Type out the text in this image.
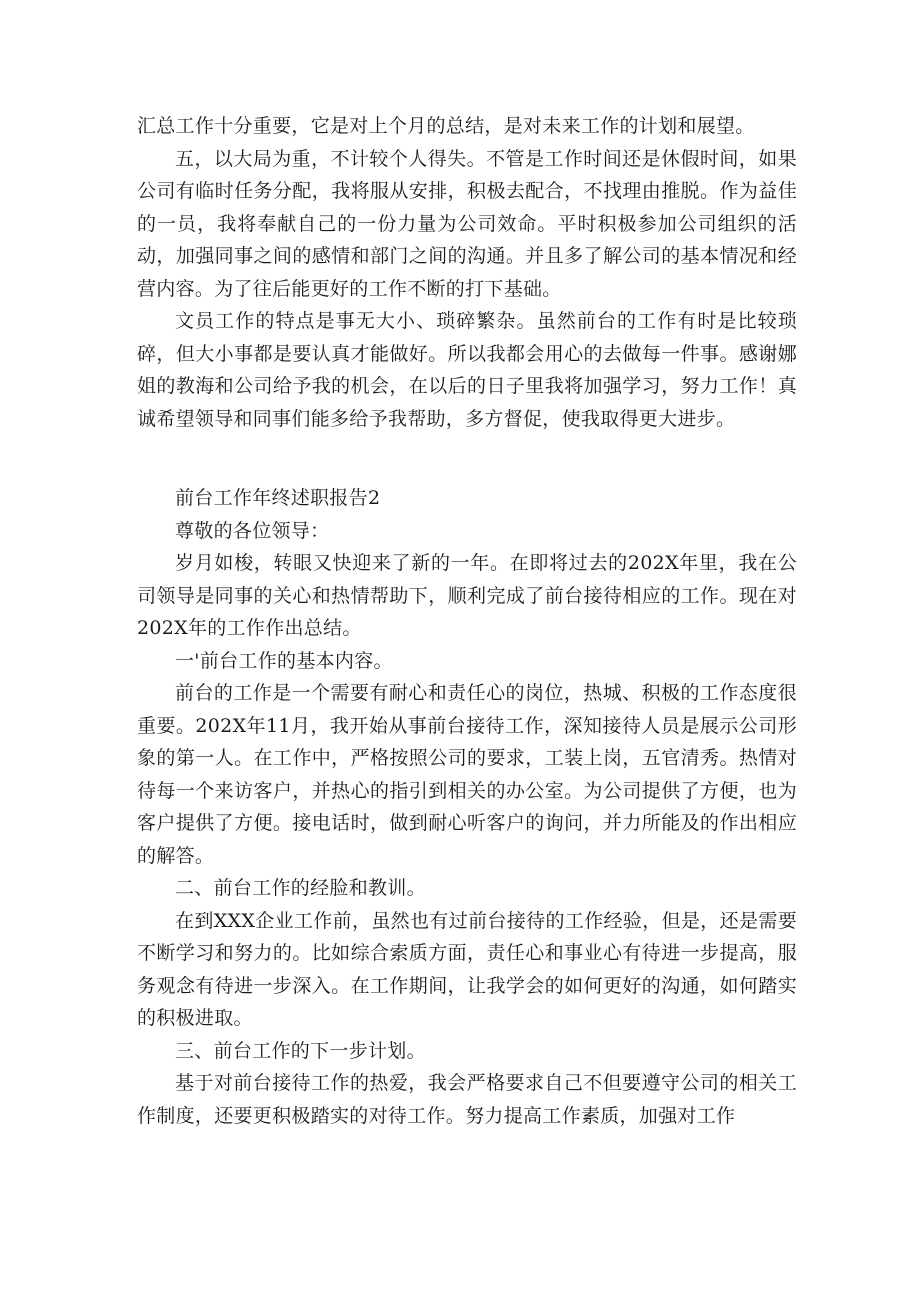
汇总工作十分重要，它是对上个月的总结，是对未来工作的计划和展望。

五，以大局为重，不计较个人得失。不管是工作时间还是休假时间，如果公司有临时任务分配，我将服从安排，积极去配合，不找理由推脱。作为益佳的一员，我将奉献自己的一份力量为公司效命。平时积极参加公司组织的活动，加强同事之间的感情和部门之间的沟通。并且多了解公司的基本情况和经营内容。为了往后能更好的工作不断的打下基础。

文员工作的特点是事无大小、琐碎繁杂。虽然前台的工作有时是比较琐碎，但大小事都是要认真才能做好。所以我都会用心的去做每一件事。感谢娜姐的教海和公司给予我的机会，在以后的日子里我将加强学习，努力工作！真诚希望领导和同事们能多给予我帮助，多方督促，使我取得更大进步。

前台工作年终述职报告2

尊敬的各位领导：

岁月如梭，转眼又快迎来了新的一年。在即将过去的202X年里，我在公司领导是同事的关心和热情帮助下，顺利完成了前台接待相应的工作。现在对202X年的工作作出总结。

一'前台工作的基本内容。

前台的工作是一个需要有耐心和责任心的岗位，热城、积极的工作态度很重要。202X年11月，我开始从事前台接待工作，深知接待人员是展示公司形象的第一人。在工作中，严格按照公司的要求，工装上岗，五官清秀。热情对待每一个来访客户，并热心的指引到相关的办公室。为公司提供了方便，也为客户提供了方便。接电话时，做到耐心听客户的询问，并力所能及的作出相应的解答。

二、前台工作的经脸和教训。

在到XXX企业工作前，虽然也有过前台接待的工作经验，但是，还是需要不断学习和努力的。比如综合索质方面，责任心和事业心有待进一步提高，服务观念有待进一步深入。在工作期间，让我学会的如何更好的沟通，如何踏实的积极进取。

三、前台工作的下一步计划。

基于对前台接待工作的热爱，我会严格要求自己不但要遵守公司的相关工作制度，还要更积极踏实的对待工作。努力提高工作素质，加强对工作
